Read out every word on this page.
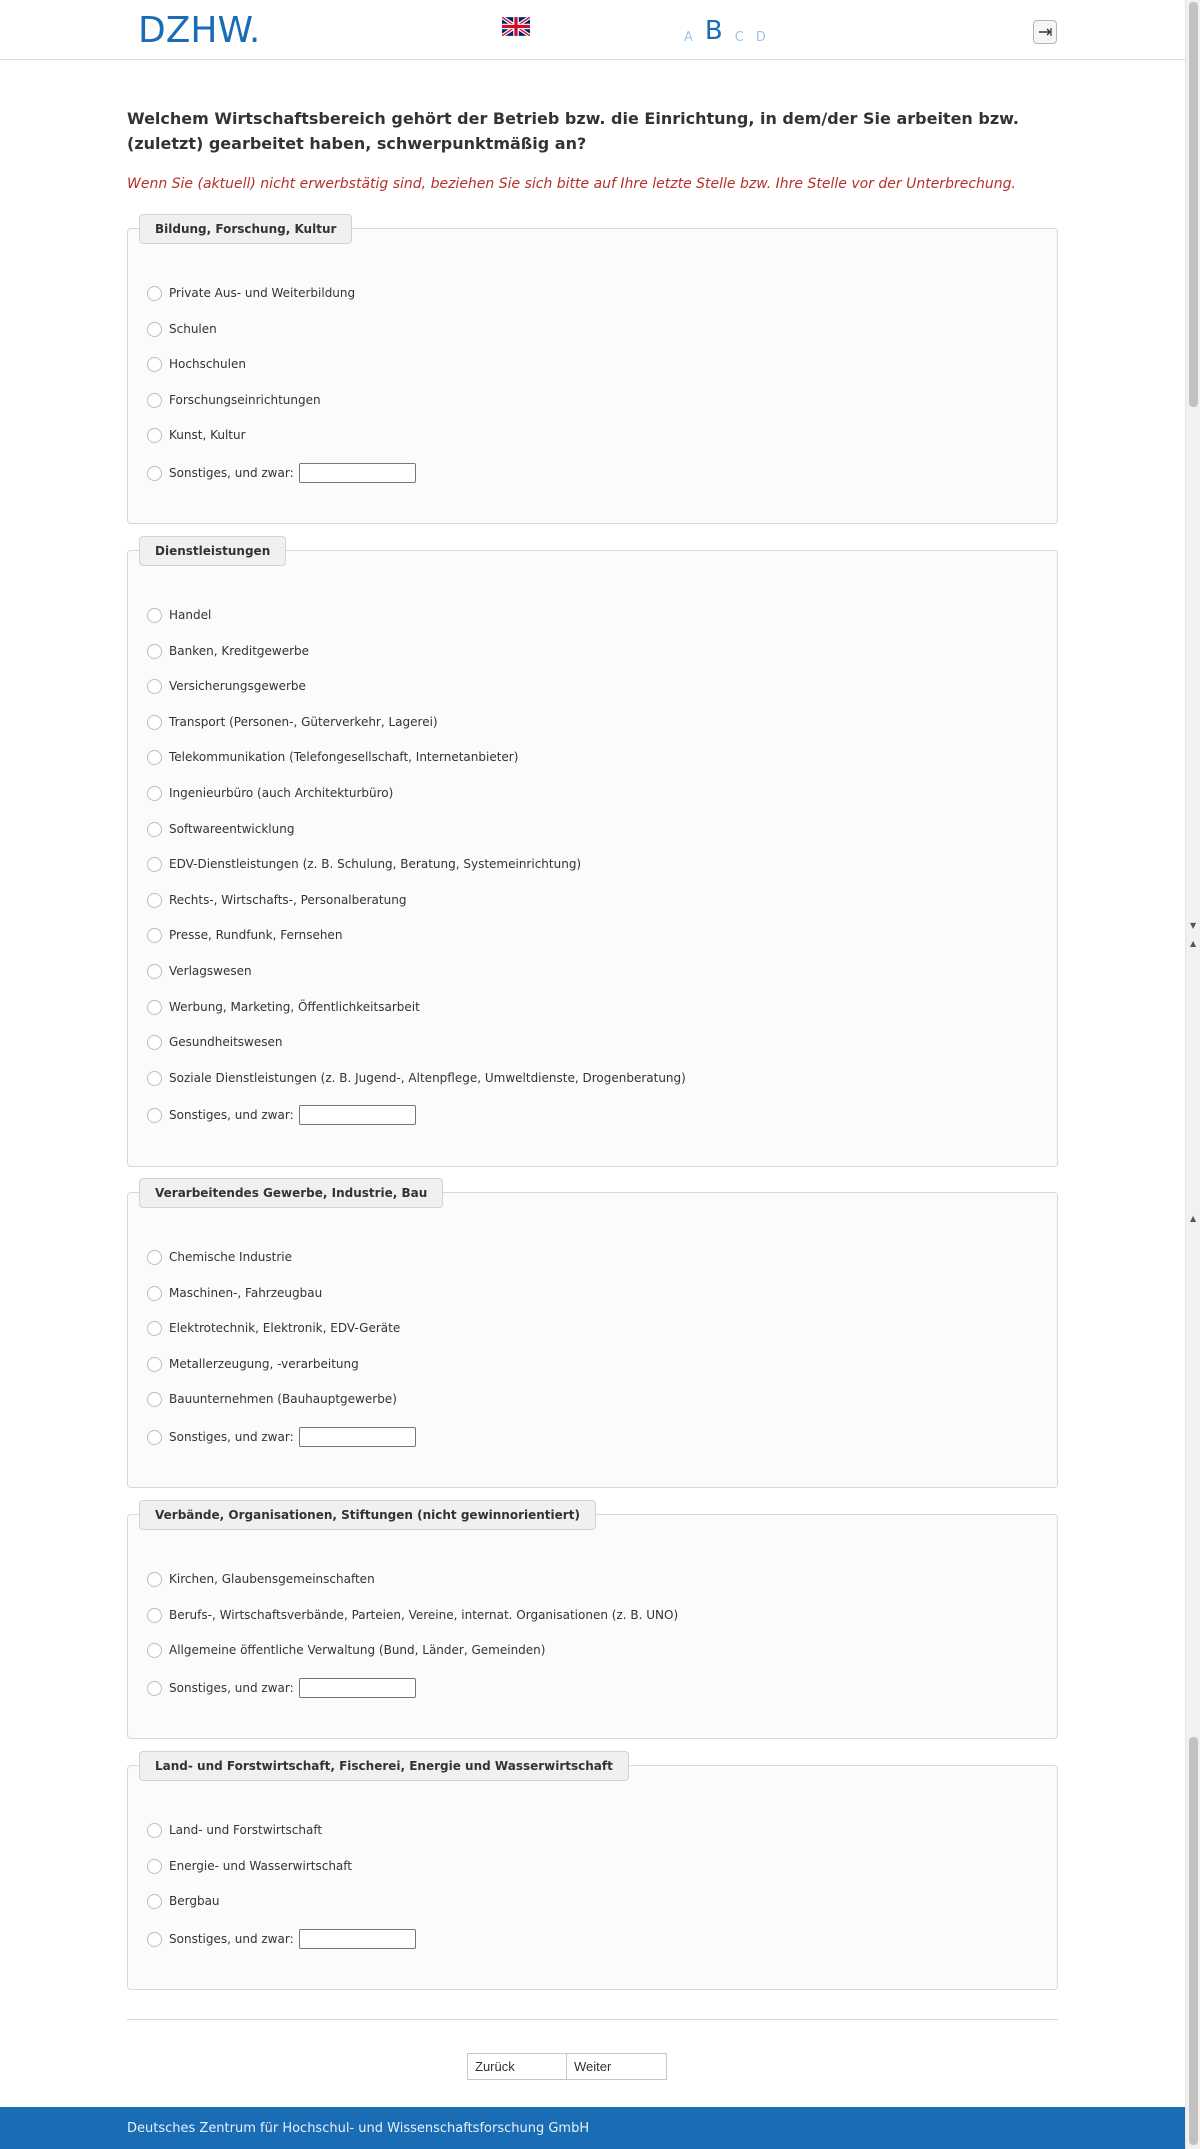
DZHW.	A B C D
Welchem Wirtschaftsbereich gehört der Betrieb bzw. die Einrichtung, in dem/der Sie arbeiten bzw. (zuletzt) gearbeitet haben, schwerpunktmäßig an?
Wenn Sie (aktuell) nicht erwerbstätig sind, beziehen Sie sich bitte auf Ihre letzte Stelle bzw. Ihre Stelle vor der Unterbrechung.
Bildung, Forschung, Kultur
Private Aus- und Weiterbildung
Schulen
Hochschulen
Forschungseinrichtungen
Kunst, Kultur
Sonstiges, und zwar:
Dienstleistungen
Handel
Banken, Kreditgewerbe
Versicherungsgewerbe
Transport (Personen-, Güterverkehr, Lagerei)
Telekommunikation (Telefongesellschaft, Internetanbieter)
Ingenieurbüro (auch Architekturbüro)
Softwareentwicklung
EDV-Dienstleistungen (z. B. Schulung, Beratung, Systemeinrichtung)
Rechts-, Wirtschafts-, Personalberatung
Presse, Rundfunk, Fernsehen
Verlagswesen
Werbung, Marketing, Öffentlichkeitsarbeit
Gesundheitswesen
Soziale Dienstleistungen (z. B. Jugend-, Altenpflege, Umweltdienste, Drogenberatung)
Sonstiges, und zwar:
Verarbeitendes Gewerbe, Industrie, Bau
Chemische Industrie
Maschinen-, Fahrzeugbau
Elektrotechnik, Elektronik, EDV-Geräte
Metallerzeugung, -verarbeitung
Bauunternehmen (Bauhauptgewerbe)
Sonstiges, und zwar:
Verbände, Organisationen, Stiftungen (nicht gewinnorientiert)
Kirchen, Glaubensgemeinschaften
Berufs-, Wirtschaftsverbände, Parteien, Vereine, internat. Organisationen (z. B. UNO)
Allgemeine öffentliche Verwaltung (Bund, Länder, Gemeinden)
Sonstiges, und zwar:
Land- und Forstwirtschaft, Fischerei, Energie und Wasserwirtschaft
Land- und Forstwirtschaft
Energie- und Wasserwirtschaft
Bergbau
Sonstiges, und zwar:
Zurück	Weiter
Deutsches Zentrum für Hochschul- und Wissenschaftsforschung GmbH
▼
▲
▲
